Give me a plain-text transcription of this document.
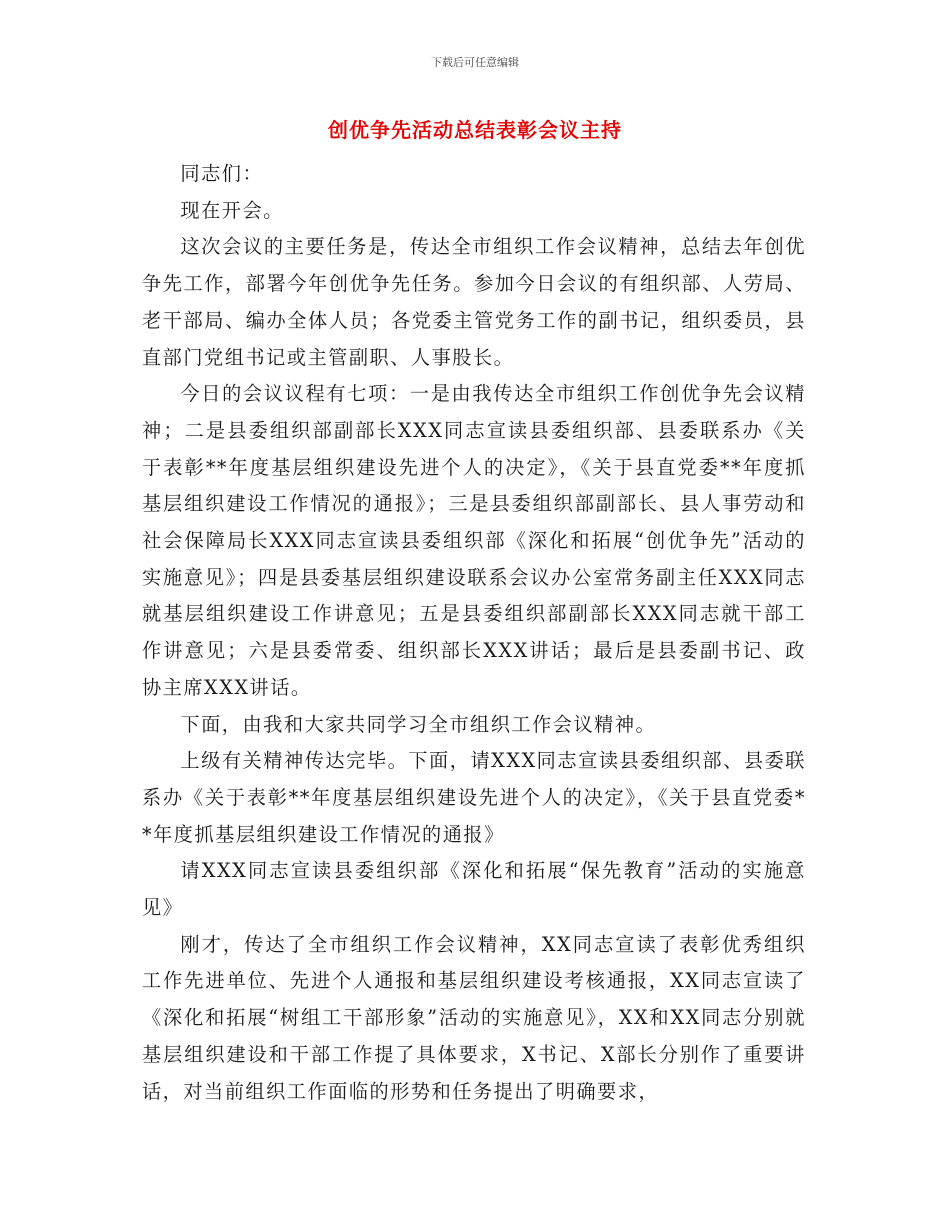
下载后可任意编辑
创优争先活动总结表彰会议主持

同志们：

现在开会。

这次会议的主要任务是，传达全市组织工作会议精神，总结去年创优争先工作，部署今年创优争先任务。参加今日会议的有组织部、人劳局、老干部局、编办全体人员；各党委主管党务工作的副书记，组织委员，县直部门党组书记或主管副职、人事股长。

今日的会议议程有七项：一是由我传达全市组织工作创优争先会议精神；二是县委组织部副部长XXX同志宣读县委组织部、县委联系办《关于表彰**年度基层组织建设先进个人的决定》，《关于县直党委**年度抓基层组织建设工作情况的通报》；三是县委组织部副部长、县人事劳动和社会保障局长XXX同志宣读县委组织部《深化和拓展“创优争先”活动的实施意见》；四是县委基层组织建设联系会议办公室常务副主任XXX同志就基层组织建设工作讲意见；五是县委组织部副部长XXX同志就干部工作讲意见；六是县委常委、组织部长XXX讲话；最后是县委副书记、政协主席XXX讲话。

下面，由我和大家共同学习全市组织工作会议精神。

上级有关精神传达完毕。下面，请XXX同志宣读县委组织部、县委联系办《关于表彰**年度基层组织建设先进个人的决定》，《关于县直党委**年度抓基层组织建设工作情况的通报》

请XXX同志宣读县委组织部《深化和拓展“保先教育”活动的实施意见》

刚才，传达了全市组织工作会议精神，XX同志宣读了表彰优秀组织工作先进单位、先进个人通报和基层组织建设考核通报，XX同志宣读了《深化和拓展“树组工干部形象”活动的实施意见》，XX和XX同志分别就基层组织建设和干部工作提了具体要求，X书记、X部长分别作了重要讲话，对当前组织工作面临的形势和任务提出了明确要求，
